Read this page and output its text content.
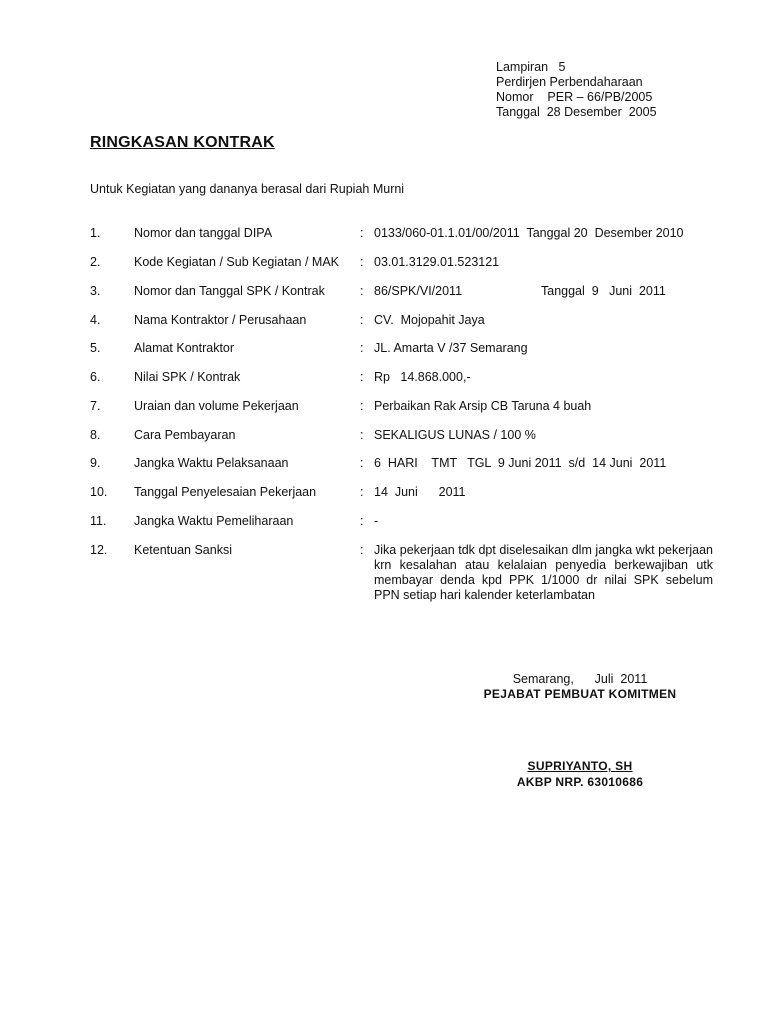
Lampiran   5
Perdirjen Perbendaharaan
Nomor    PER – 66/PB/2005
Tanggal  28 Desember  2005
RINGKASAN KONTRAK
Untuk Kegiatan yang dananya berasal dari Rupiah Murni
1.	Nomor dan tanggal DIPA	: 0133/060-01.1.01/00/2011  Tanggal 20  Desember 2010
2.	Kode Kegiatan / Sub Kegiatan / MAK : 03.01.3129.01.523121
3.	Nomor dan Tanggal SPK / Kontrak	: 86/SPK/VI/2011	Tanggal  9   Juni  2011
4.	Nama Kontraktor / Perusahaan	: CV.  Mojopahit Jaya
5.	Alamat Kontraktor	: JL. Amarta V /37 Semarang
6.	Nilai SPK / Kontrak	: Rp   14.868.000,-
7.	Uraian dan volume Pekerjaan	: Perbaikan Rak Arsip CB Taruna 4 buah
8.	Cara Pembayaran	: SEKALIGUS LUNAS / 100 %
9.	Jangka Waktu Pelaksanaan	: 6  HARI    TMT   TGL  9 Juni 2011  s/d  14 Juni  2011
10. Tanggal Penyelesaian Pekerjaan	: 14  Juni      2011
11. Jangka Waktu Pemeliharaan	: -
12. Ketentuan Sanksi	: Jika pekerjaan tdk dpt diselesaikan dlm jangka wkt pekerjaan krn kesalahan atau kelalaian penyedia berkewajiban utk membayar denda kpd PPK 1/1000 dr nilai SPK sebelum PPN setiap hari kalender keterlambatan
Semarang,      Juli  2011
PEJABAT PEMBUAT KOMITMEN
SUPRIYANTO, SH
AKBP NRP. 63010686
